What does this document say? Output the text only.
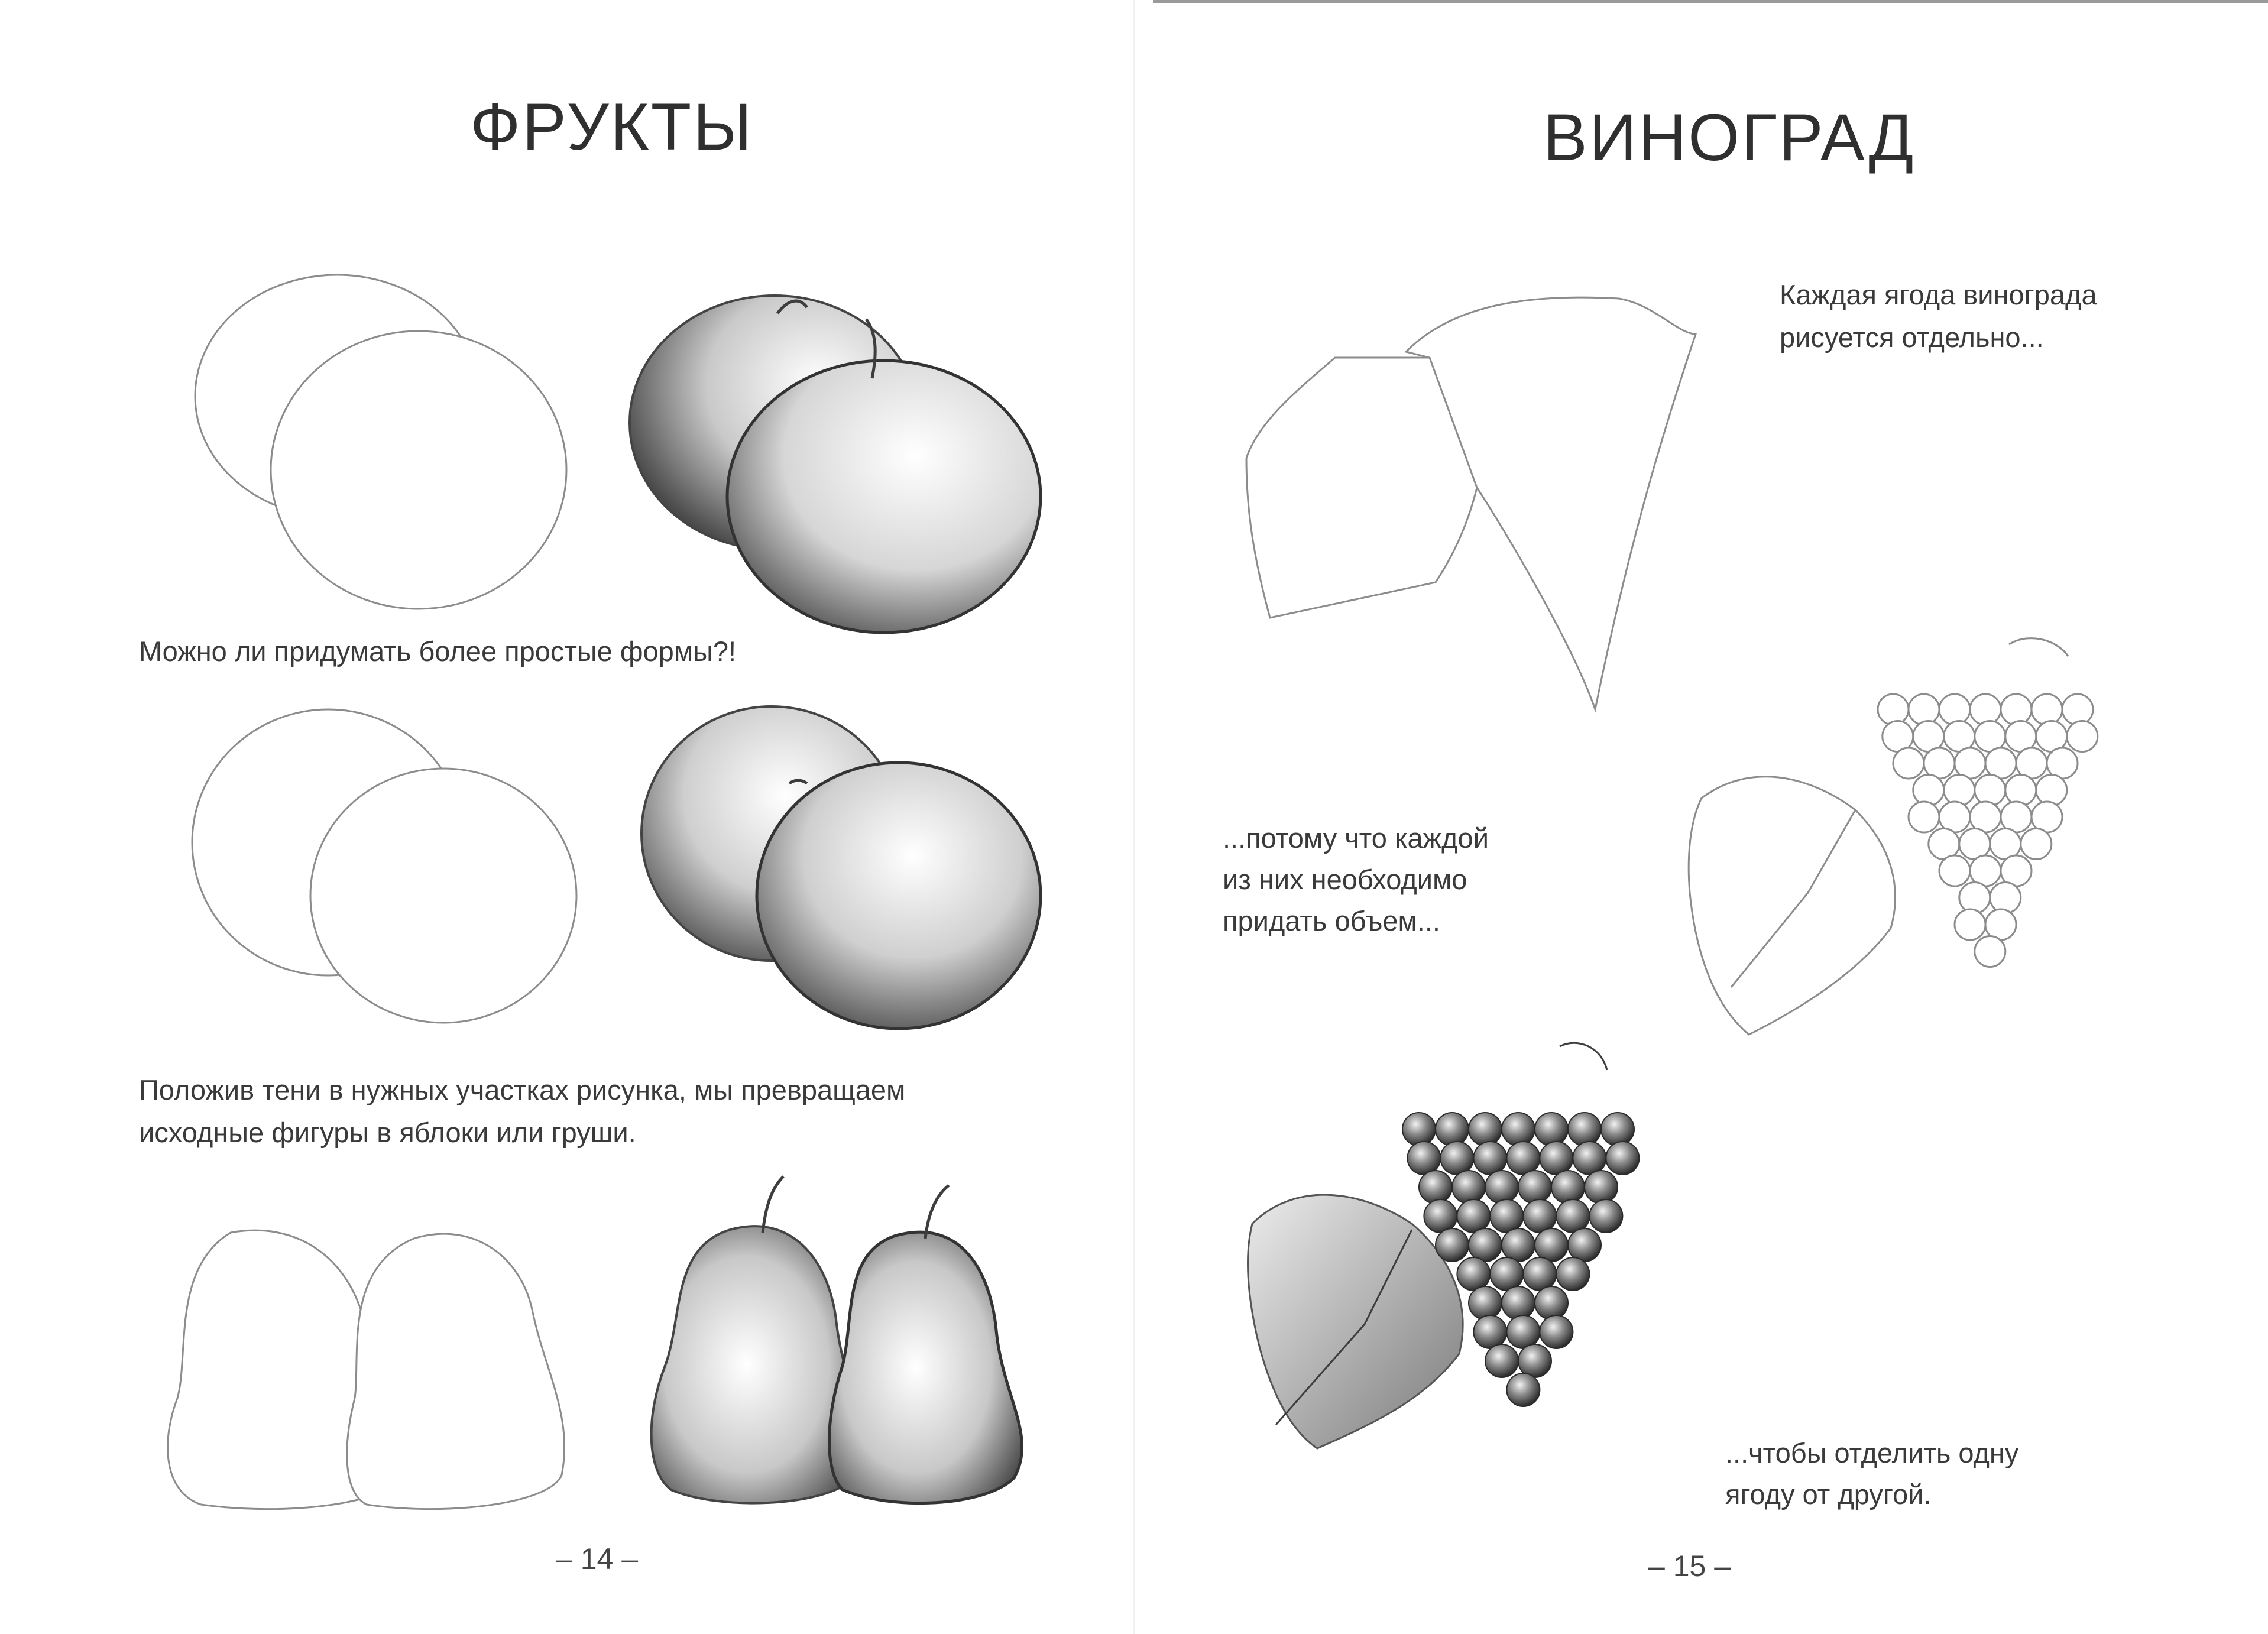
ФРУКТЫ
Можно ли придумать более простые формы?!
Положив тени в нужных участках рисунка, мы превращаем
исходные фигуры в яблоки или груши.
– 14 –
ВИНОГРАД
Каждая ягода винограда
рисуется отдельно...
...потому что каждой
из них необходимо
придать объем...
...чтобы отделить одну
ягоду от другой.
– 15 –
